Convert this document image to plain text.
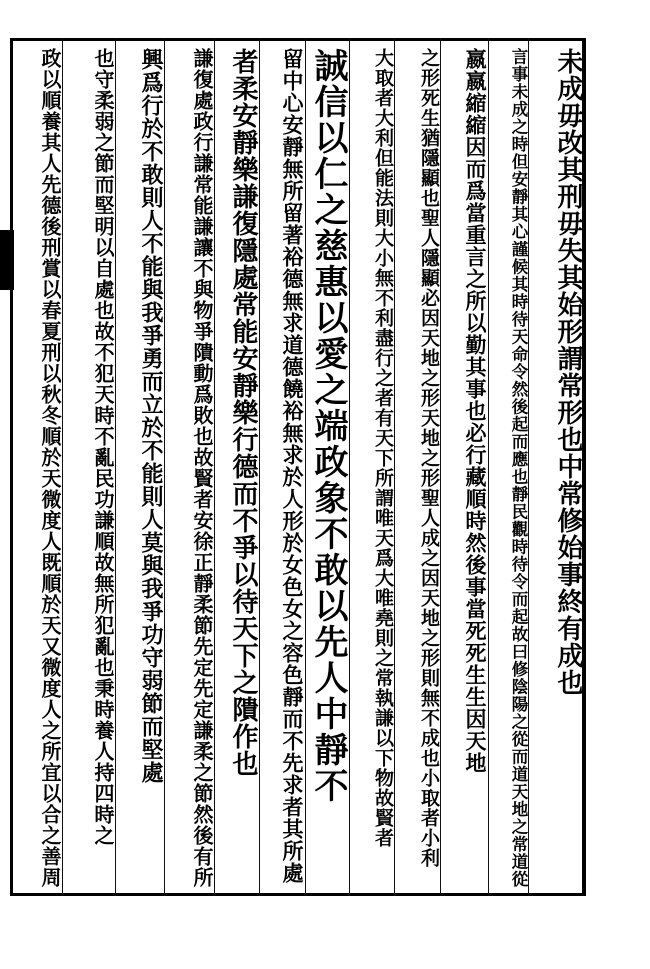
未成毋改其刑毋失其始形謂常形也中常修始事終有成也

言事未成之時但安靜其心謹候其時待天命令然後起而應也靜民觀時待令而起故曰修陰陽之從而道天地之常道從

嬴嬴縮縮因而爲當重言之所以勤其事也必行藏順時然後事當死死生生因天地

之形死生猶隱顯也聖人隱顯必因天地之形天地之形聖人成之因天地之形則無不成也小取者小利

大取者大利但能法則大小無不利盡行之者有天下所謂唯天爲大唯堯則之常執謙以下物故賢者

誠信以仁之慈惠以愛之端政象不敢以先人中靜不

留中心安靜無所留著裕德無求道德饒裕無求於人形於女色女之容色靜而不先求者其所處

者柔安靜樂謙復隱處常能安靜樂行德而不爭以待天下之隤作也

謙復處政行謙常能謙讓不與物爭隤動爲敗也故賢者安徐正靜柔節先定先定謙柔之節然後有所

興爲行於不敢則人不能與我爭勇而立於不能則人莫與我爭功守弱節而堅處

也守柔弱之節而堅明以自處也故不犯天時不亂民功謙順故無所犯亂也秉時養人持四時之

政以順養其人先德後刑賞以春夏刑以秋冬順於天微度人既順於天又微度人之所宜以合之善周
